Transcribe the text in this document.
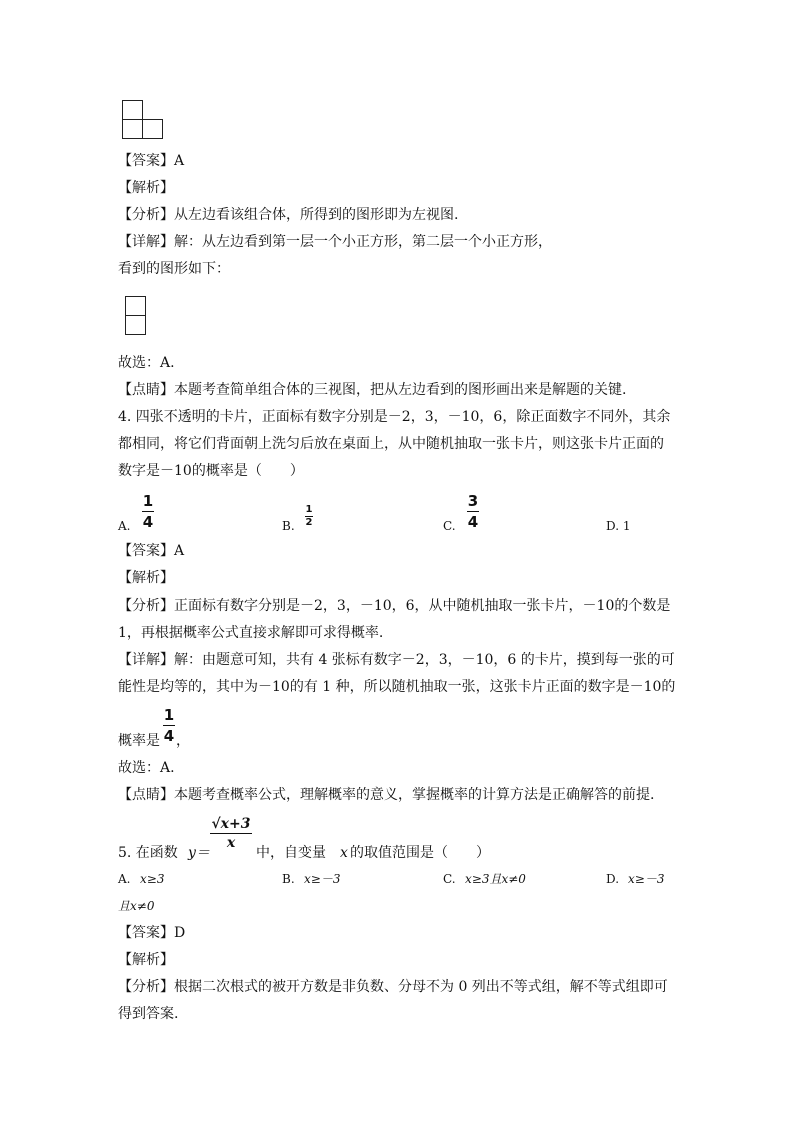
【答案】A
【解析】
【分析】从左边看该组合体，所得到的图形即为左视图.
【详解】解：从左边看到第一层一个小正方形，第二层一个小正方形，
看到的图形如下：
故选：A.
【点睛】本题考查简单组合体的三视图，把从左边看到的图形画出来是解题的关键.
4. 四张不透明的卡片，正面标有数字分别是－2，3，－10，6，除正面数字不同外，其余
都相同，将它们背面朝上洗匀后放在桌面上，从中随机抽取一张卡片，则这张卡片正面的
数字是－10的概率是（　　）
A.
1
4	B.
1
2	C.
3
4	D. 1
【答案】A
【解析】
【分析】正面标有数字分别是－2，3，－10，6，从中随机抽取一张卡片，－10的个数是
1，再根据概率公式直接求解即可求得概率.
【详解】解：由题意可知，共有 4 张标有数字－2，3，－10，6 的卡片，摸到每一张的可
能性是均等的，其中为－10的有 1 种，所以随机抽取一张，这张卡片正面的数字是－10的
概率是
1
4 ，
故选：A.
【点睛】本题考查概率公式，理解概率的意义，掌握概率的计算方法是正确解答的前提.
5. 在函数 y＝
√x+3
x
中，自变量 x 的取值范围是（　　）
A. x≥3	B. x≥－3	C. x≥3且x≠0	D. x≥－3
且x≠0
【答案】D
【解析】
【分析】根据二次根式的被开方数是非负数、分母不为 0 列出不等式组，解不等式组即可
得到答案.
